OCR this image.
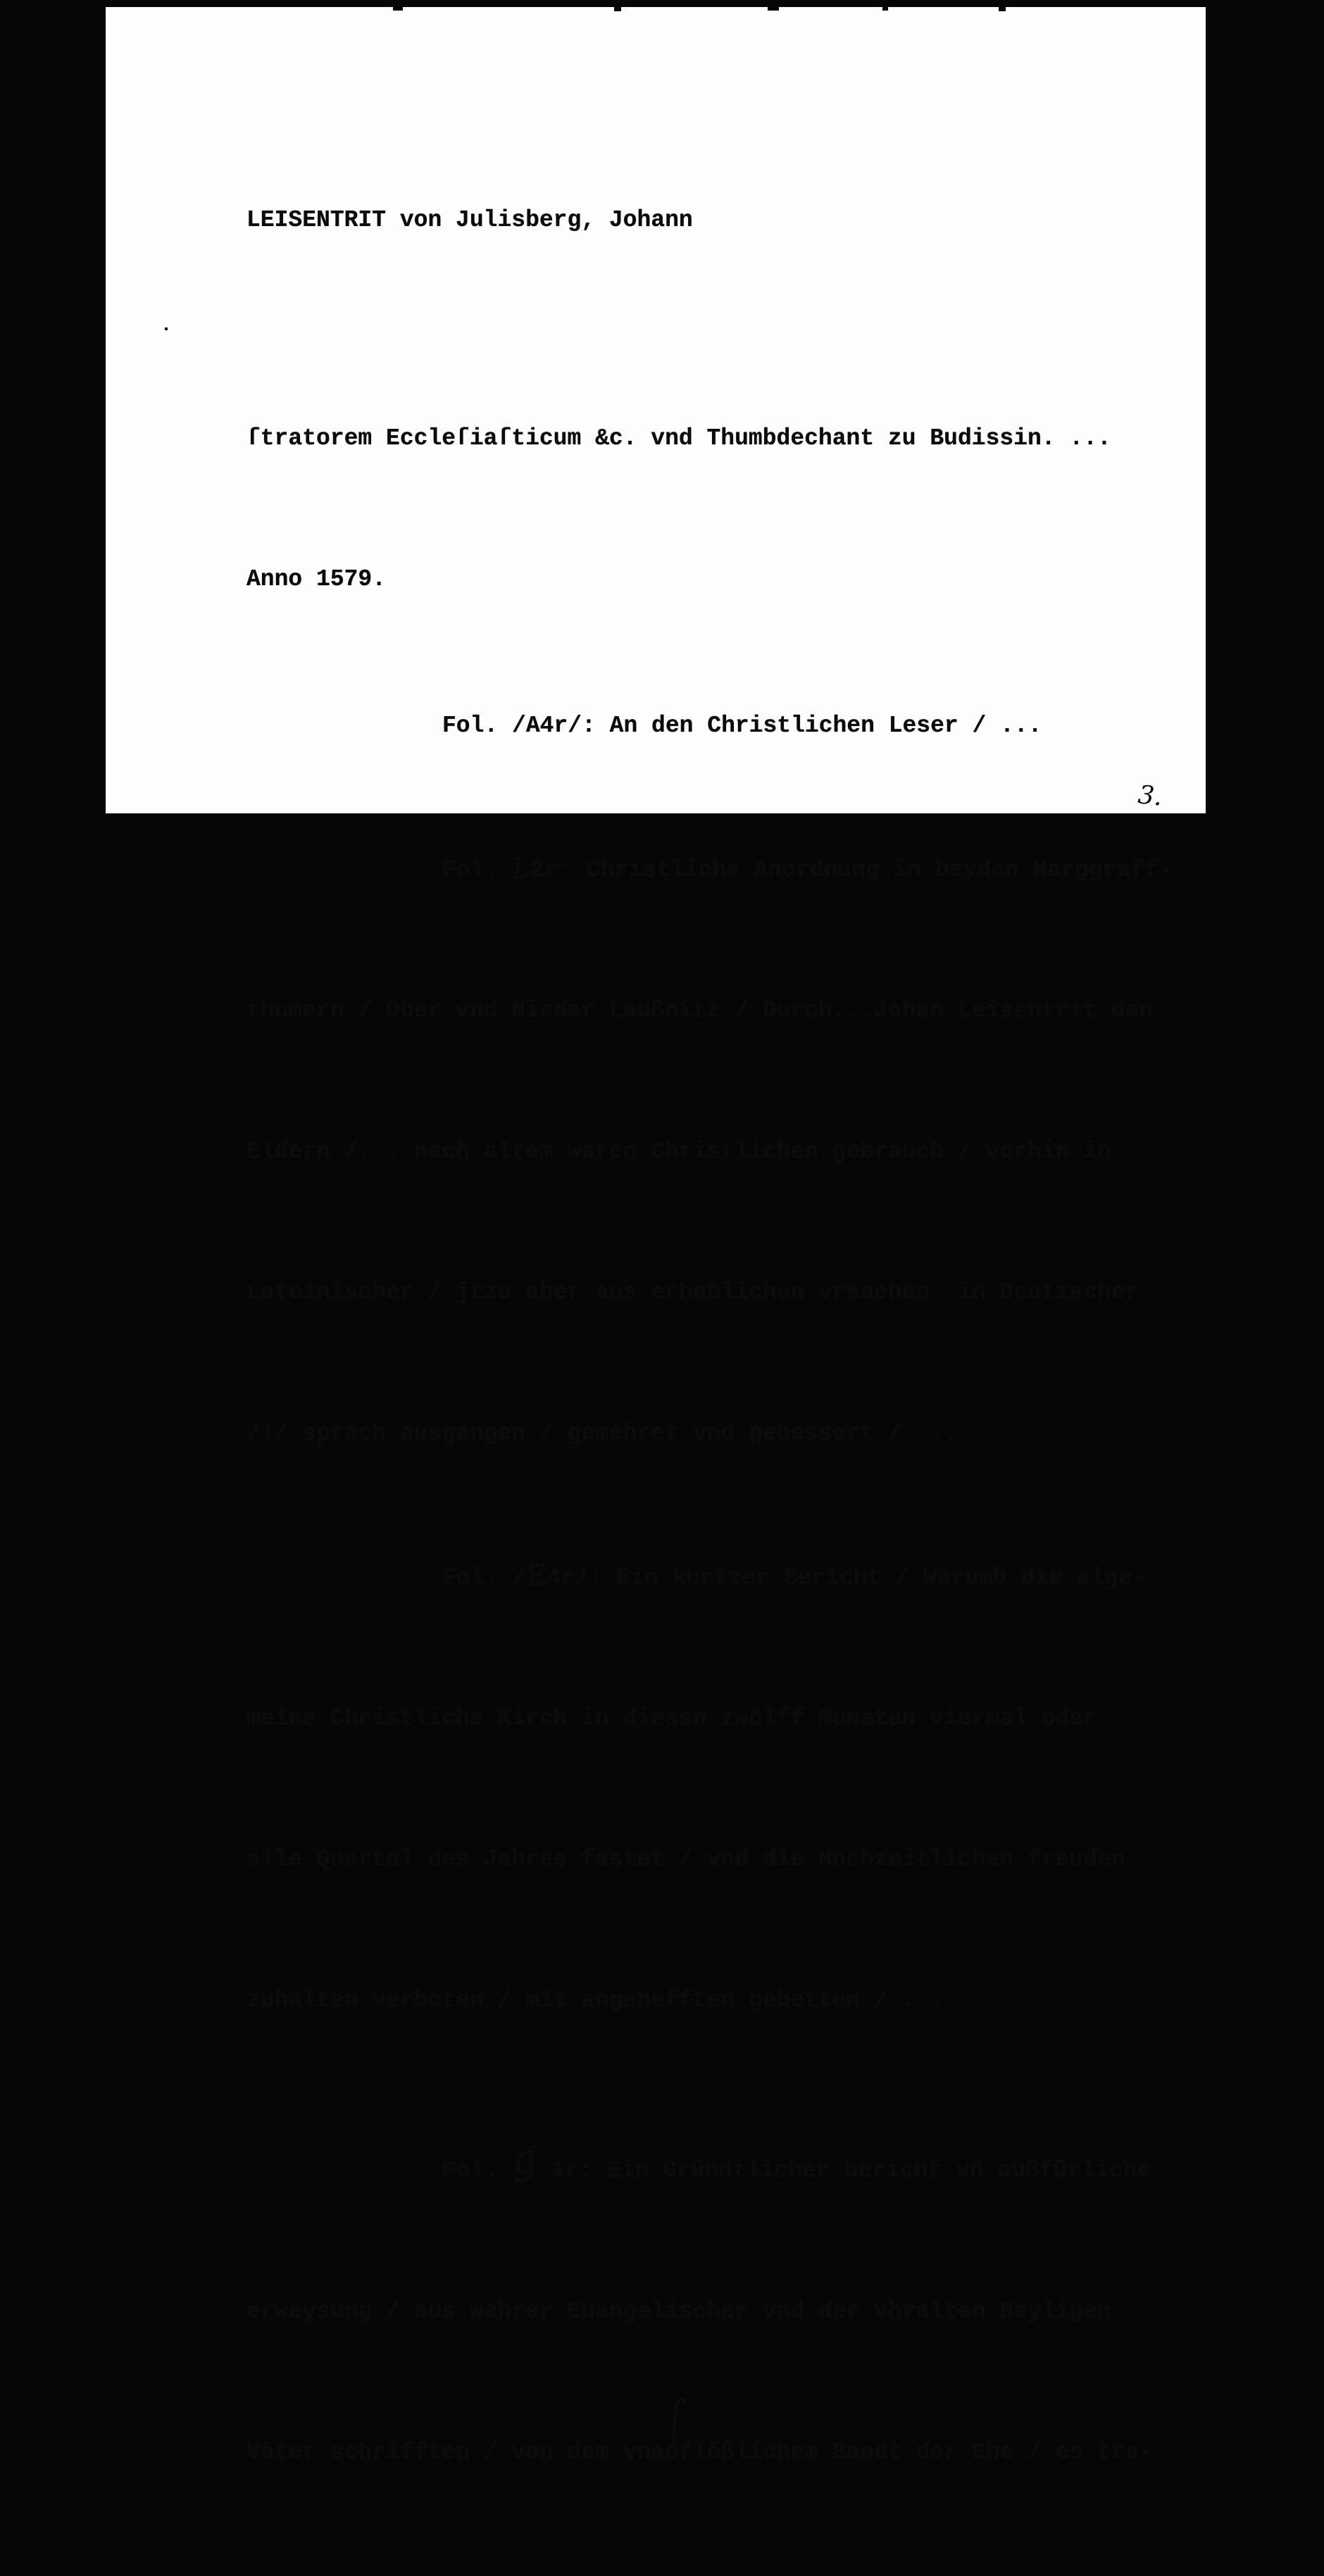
LEISENTRIT von Julisberg, Johann

ſtratorem Eccleſiaſticum &c. vnd Thumbdechant zu Budissin. ...

Anno 1579.

Fol. /A4r/: An den Christlichen Leser / ...

Fol. L2r: Christliche Anordnung in beyden Marggraff-

thumern / Ober vnd Nieder Laußnitz / Durch...Johan Leisentrit den

Eldern /... nach altem waren Christlichen gebrauch / vorhin in

Lateinischer / jtzo aber aus erheblichen vrsachen  in Deutzscher

/!/ sprach ausgangen / gemehret vnd gebessert / ...

Fol. /E4r/: Ein kurtzer Bericht / Warumb die alge-

meine Christliche Kirch in diesen zwölff Monaten viermal oder

alle Quartal des Jahres fastet / vnd die Hochzeitlichen freuden

zuhalten verboten / mit angehefften gebetten / ...

Fol. g 1r: Ein Gründtlicher bericht vn̄ außfürliche

erweysung / aus wahrer Euangelischer vnd der vhralten Heyligen

Väter schrifften / von dem vnau
f
flößlichem Bandt der Ehe / es tra-

3.
